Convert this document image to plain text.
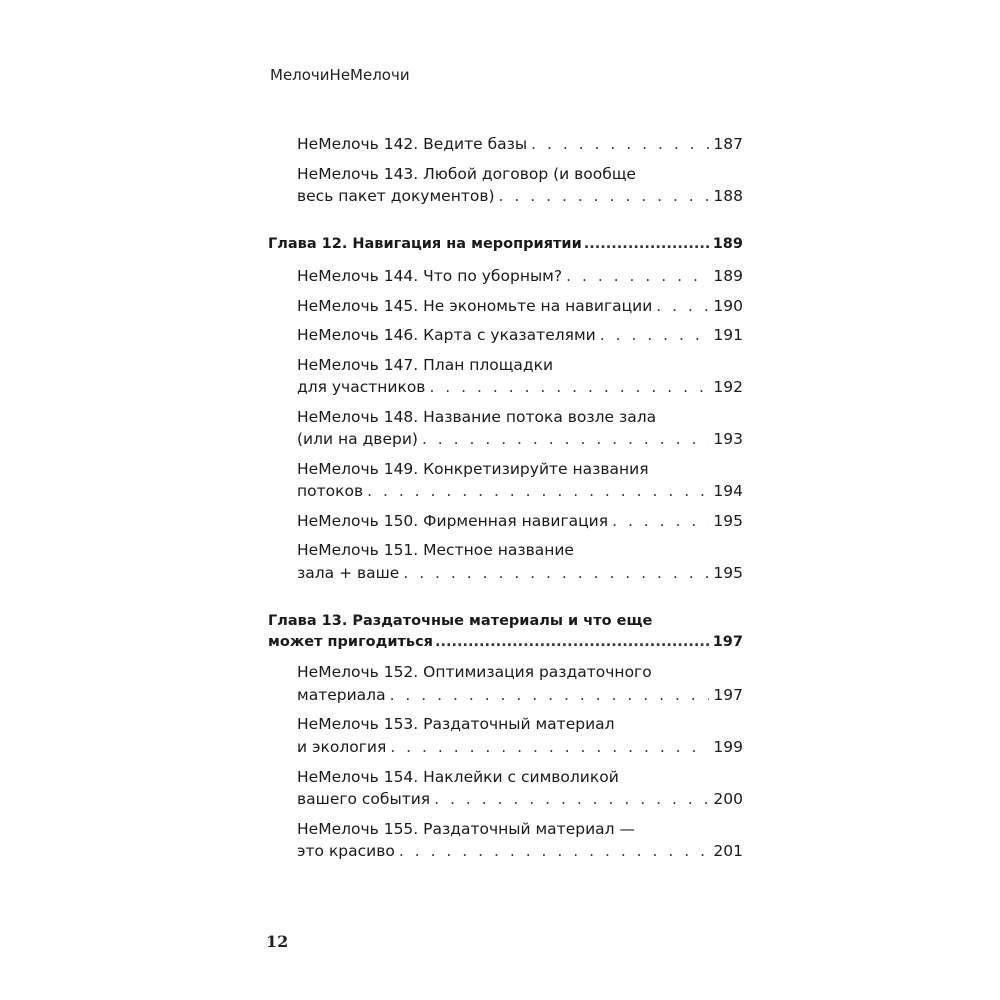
МелочиНеМелочи
НеМелочь 142. Ведите базы . . .	187
НеМелочь 143. Любой договор (и вообще
весь пакет документов) . . .	188
Глава 12. Навигация на мероприятии .....	189
НеМелочь 144. Что по уборным? . . .	189
НеМелочь 145. Не экономьте на навигации . . .	190
НеМелочь 146. Карта с указателями . . .	191
НеМелочь 147. План площадки
для участников . . .	192
НеМелочь 148. Название потока возле зала
(или на двери) . . .	193
НеМелочь 149. Конкретизируйте названия
потоков . . .	194
НеМелочь 150. Фирменная навигация . . .	195
НеМелочь 151. Местное название
зала + ваше . . .	195
Глава 13. Раздаточные материалы и что еще
может пригодиться .....	197
НеМелочь 152. Оптимизация раздаточного
материала . . .	197
НеМелочь 153. Раздаточный материал
и экология . . .	199
НеМелочь 154. Наклейки с символикой
вашего события . . .	200
НеМелочь 155. Раздаточный материал —
это красиво . . .	201
12
